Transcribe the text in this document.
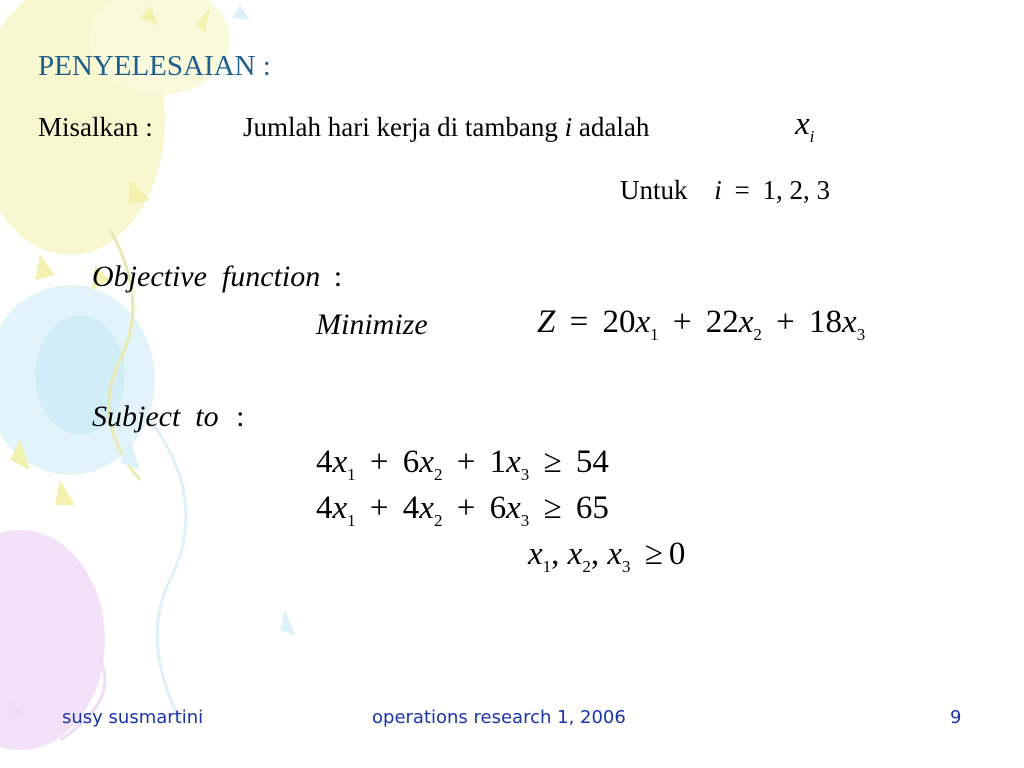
PENYELESAIAN :
Misalkan :	Jumlah hari kerja di tambang i adalah	$x_i$
Untuk i = 1, 2, 3
Objective  function :
Minimize	$Z = 20x_1 + 22x_2 + 18x_3$
Subject  to :
$4x_1 + 6x_2 + 1x_3 \ge 54$
$4x_1 + 4x_2 + 6x_3 \ge 65$
$x_1$, $x_2$, $x_3 \ge 0$
susy susmartini	operations research 1, 2006	9
